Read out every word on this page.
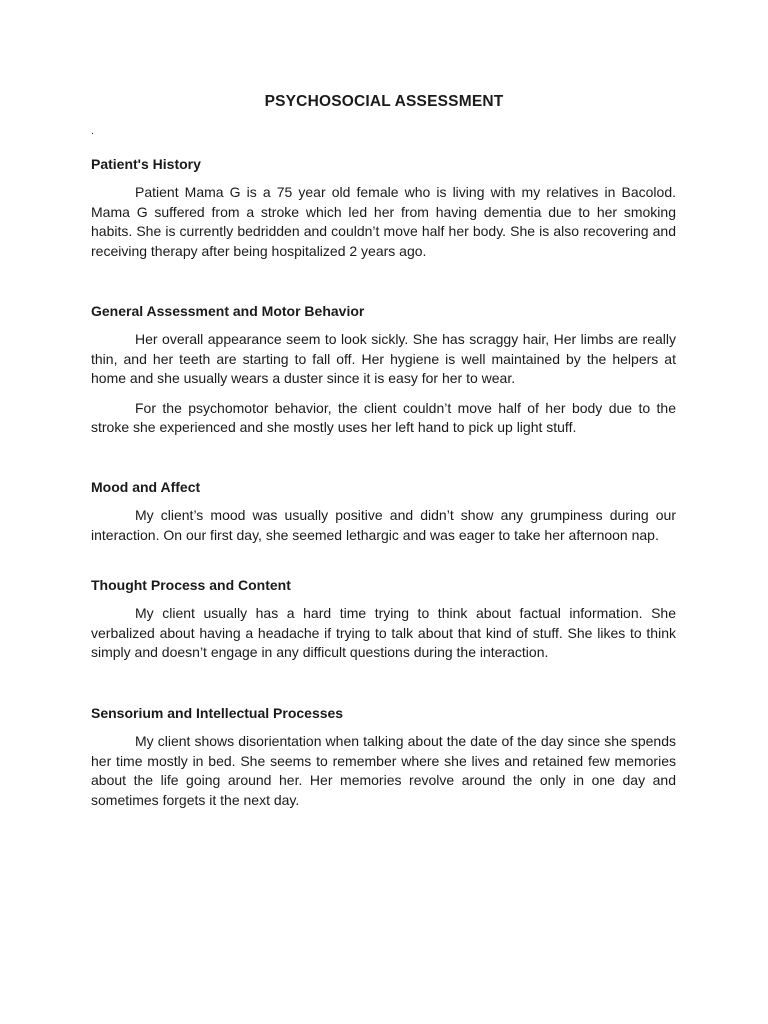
PSYCHOSOCIAL ASSESSMENT
.
Patient's History

Patient Mama G is a 75 year old female who is living with my relatives in Bacolod. Mama G suffered from a stroke which led her from having dementia due to her smoking habits. She is currently bedridden and couldn’t move half her body. She is also recovering and receiving therapy after being hospitalized 2 years ago.

General Assessment and Motor Behavior

Her overall appearance seem to look sickly. She has scraggy hair, Her limbs are really thin, and her teeth are starting to fall off. Her hygiene is well maintained by the helpers at home and she usually wears a duster since it is easy for her to wear.

For the psychomotor behavior, the client couldn’t move half of her body due to the stroke she experienced and she mostly uses her left hand to pick up light stuff.

Mood and Affect

My client’s mood was usually positive and didn’t show any grumpiness during our interaction. On our first day, she seemed lethargic and was eager to take her afternoon nap.

Thought Process and Content

My client usually has a hard time trying to think about factual information. She verbalized about having a headache if trying to talk about that kind of stuff. She likes to think simply and doesn’t engage in any difficult questions during the interaction.

Sensorium and Intellectual Processes

My client shows disorientation when talking about the date of the day since she spends her time mostly in bed. She seems to remember where she lives and retained few memories about the life going around her. Her memories revolve around the only in one day and sometimes forgets it the next day.
